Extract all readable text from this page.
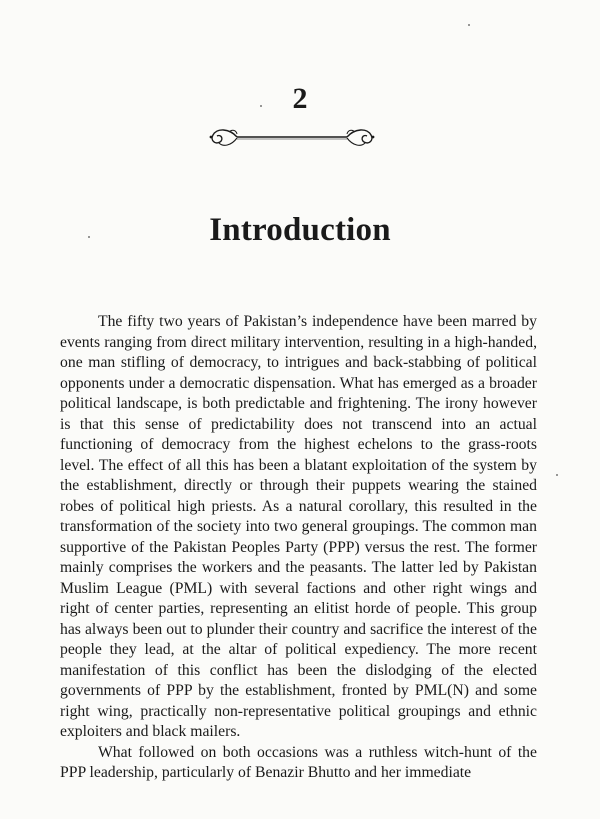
2
Introduction

The fifty two years of Pakistan’s independence have been marred by events ranging from direct military intervention, resulting in a high-handed, one man stifling of democracy, to intrigues and back-stabbing of political opponents under a democratic dispensation. What has emerged as a broader political landscape, is both predictable and frightening. The irony however is that this sense of predictability does not transcend into an actual functioning of democracy from the highest echelons to the grass-roots level. The effect of all this has been a blatant exploitation of the system by the establishment, directly or through their puppets wearing the stained robes of political high priests. As a natural corollary, this resulted in the transformation of the society into two general groupings. The common man supportive of the Pakistan Peoples Party (PPP) versus the rest. The former mainly comprises the workers and the peasants. The latter led by Pakistan Muslim League (PML) with several factions and other right wings and right of center parties, representing an elitist horde of people. This group has always been out to plunder their country and sacrifice the interest of the people they lead, at the altar of political expediency. The more recent manifestation of this conflict has been the dislodging of the elected governments of PPP by the establishment, fronted by PML(N) and some right wing, practically non-representative political groupings and ethnic exploiters and black mailers.

What followed on both occasions was a ruthless witch-hunt of the PPP leadership, particularly of Benazir Bhutto and her immediate
